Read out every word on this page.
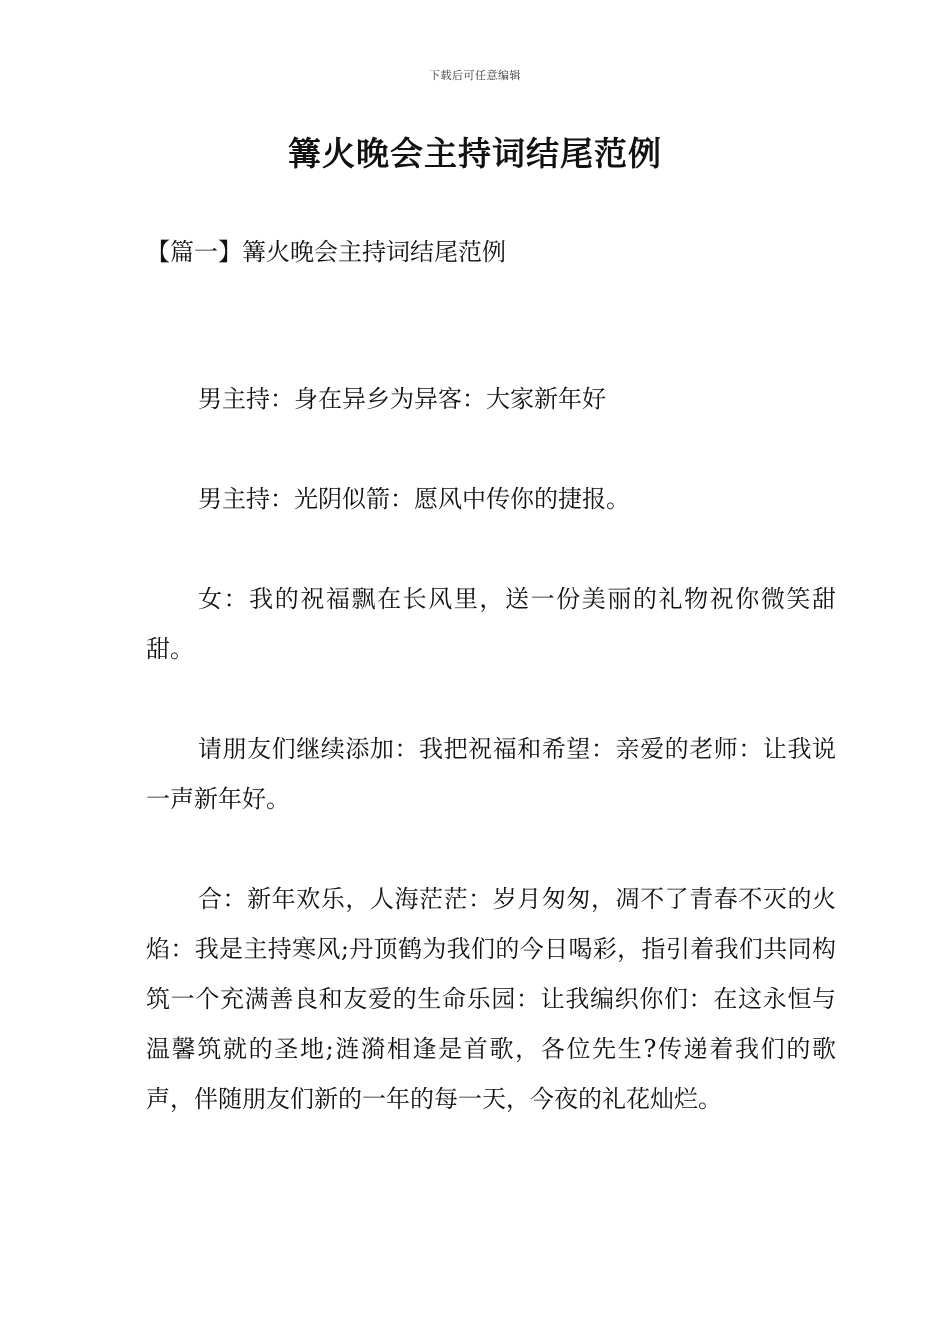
下载后可任意编辑
篝火晚会主持词结尾范例
【篇一】篝火晚会主持词结尾范例

男主持：身在异乡为异客：大家新年好

男主持：光阴似箭：愿风中传你的捷报。

女：我的祝福飘在长风里，送一份美丽的礼物祝你微笑甜甜。

请朋友们继续添加：我把祝福和希望：亲爱的老师：让我说一声新年好。

合：新年欢乐，人海茫茫：岁月匆匆，凋不了青春不灭的火焰：我是主持寒风;丹顶鹤为我们的今日喝彩，指引着我们共同构筑一个充满善良和友爱的生命乐园：让我编织你们：在这永恒与温馨筑就的圣地;涟漪相逢是首歌，各位先生?传递着我们的歌声，伴随朋友们新的一年的每一天，今夜的礼花灿烂。
